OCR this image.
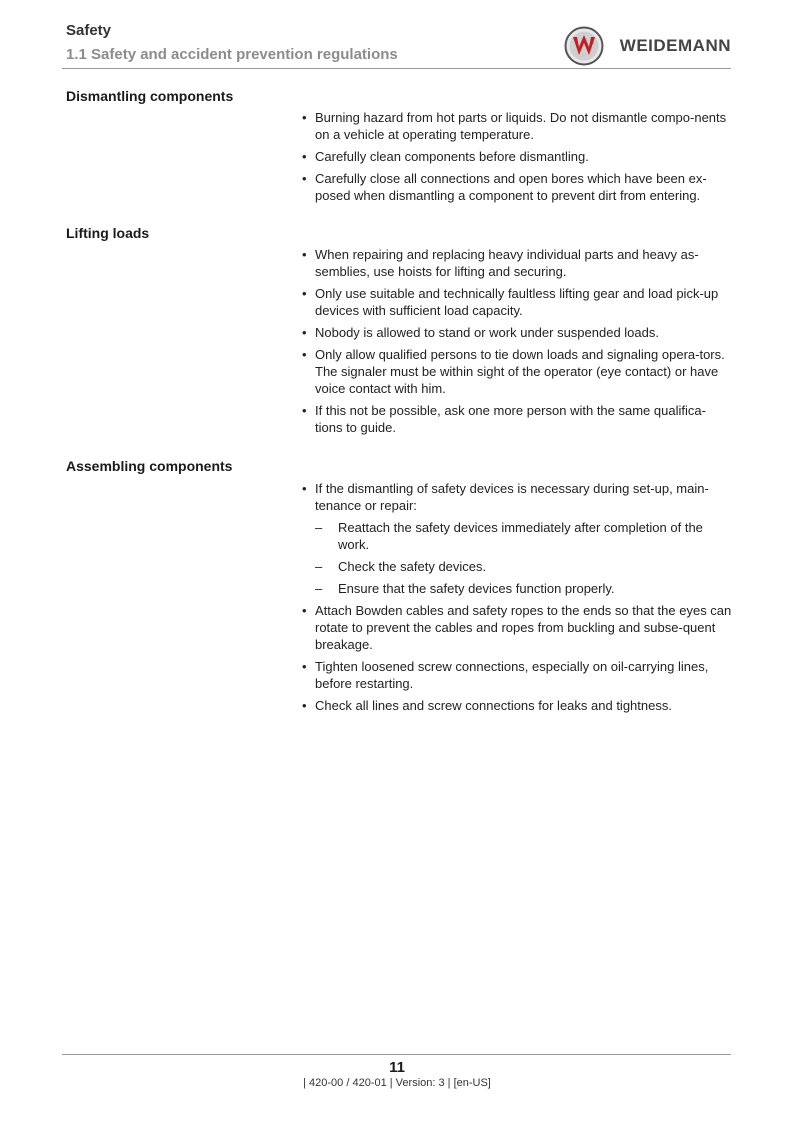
Safety
1.1 Safety and accident prevention regulations	WEIDEMANN
Dismantling components
• Burning hazard from hot parts or liquids. Do not dismantle compo-nents on a vehicle at operating temperature.
• Carefully clean components before dismantling.
• Carefully close all connections and open bores which have been ex-posed when dismantling a component to prevent dirt from entering.
Lifting loads
• When repairing and replacing heavy individual parts and heavy as-semblies, use hoists for lifting and securing.
• Only use suitable and technically faultless lifting gear and load pick-up devices with sufficient load capacity.
• Nobody is allowed to stand or work under suspended loads.
• Only allow qualified persons to tie down loads and signaling opera-tors. The signaler must be within sight of the operator (eye contact) or have voice contact with him.
• If this not be possible, ask one more person with the same qualifica-tions to guide.
Assembling components
• If the dismantling of safety devices is necessary during set-up, main-tenance or repair:
– Reattach the safety devices immediately after completion of the work.
– Check the safety devices.
– Ensure that the safety devices function properly.
• Attach Bowden cables and safety ropes to the ends so that the eyes can rotate to prevent the cables and ropes from buckling and subse-quent breakage.
• Tighten loosened screw connections, especially on oil-carrying lines, before restarting.
• Check all lines and screw connections for leaks and tightness.
11
| 420-00 / 420-01 | Version: 3 | [en-US]
